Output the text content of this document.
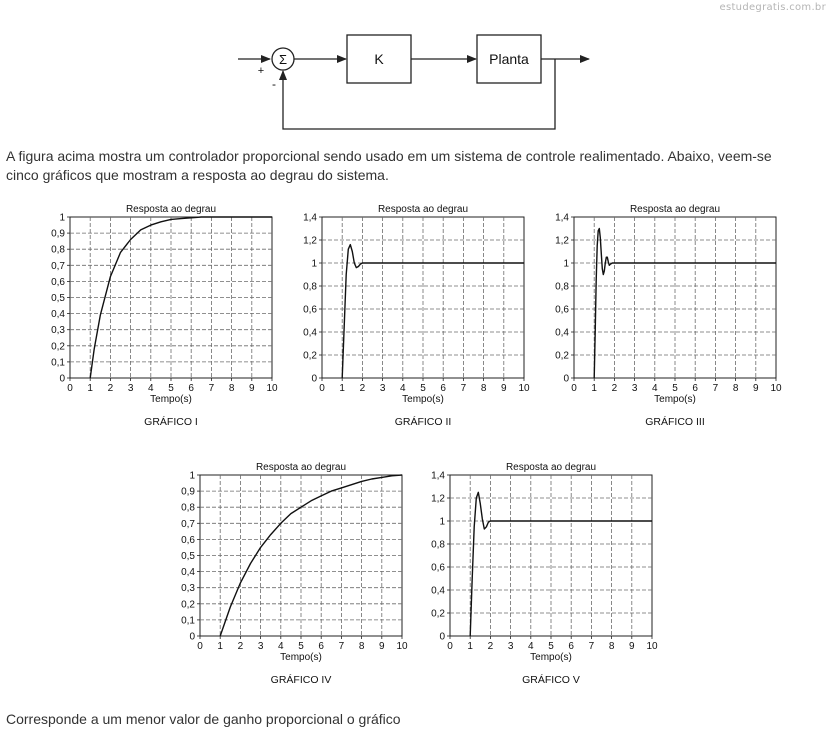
estudegratis.com.br
Σ
+
-
K	Planta
A figura acima mostra um controlador proporcional sendo usado em um sistema de controle realimentado. Abaixo, veem-se
cinco gráficos que mostram a resposta ao degrau do sistema.
0 1 2 3 4 5 6 7 8 9 10
0
0,1
0,2
0,3
0,4
0,5
0,6
0,7
0,8
0,9
1
Resposta ao degrau
Tempo(s)
GRÁFICO I
0 1 2 3 4 5 6 7 8 9 10
0
0,2
0,4
0,6
0,8
1
1,2
1,4
Resposta ao degrau
Tempo(s)
GRÁFICO II
0 1 2 3 4 5 6 7 8 9 10
0
0,2
0,4
0,6
0,8
1
1,2
1,4
Resposta ao degrau
Tempo(s)
GRÁFICO III
0 1 2 3 4 5 6 7 8 9 10
0
0,1
0,2
0,3
0,4
0,5
0,6
0,7
0,8
0,9
1
Resposta ao degrau
Tempo(s)
GRÁFICO IV
0 1 2 3 4 5 6 7 8 9 10
0
0,2
0,4
0,6
0,8
1
1,2
1,4
Resposta ao degrau
Tempo(s)
GRÁFICO V
Corresponde a um menor valor de ganho proporcional o gráfico
